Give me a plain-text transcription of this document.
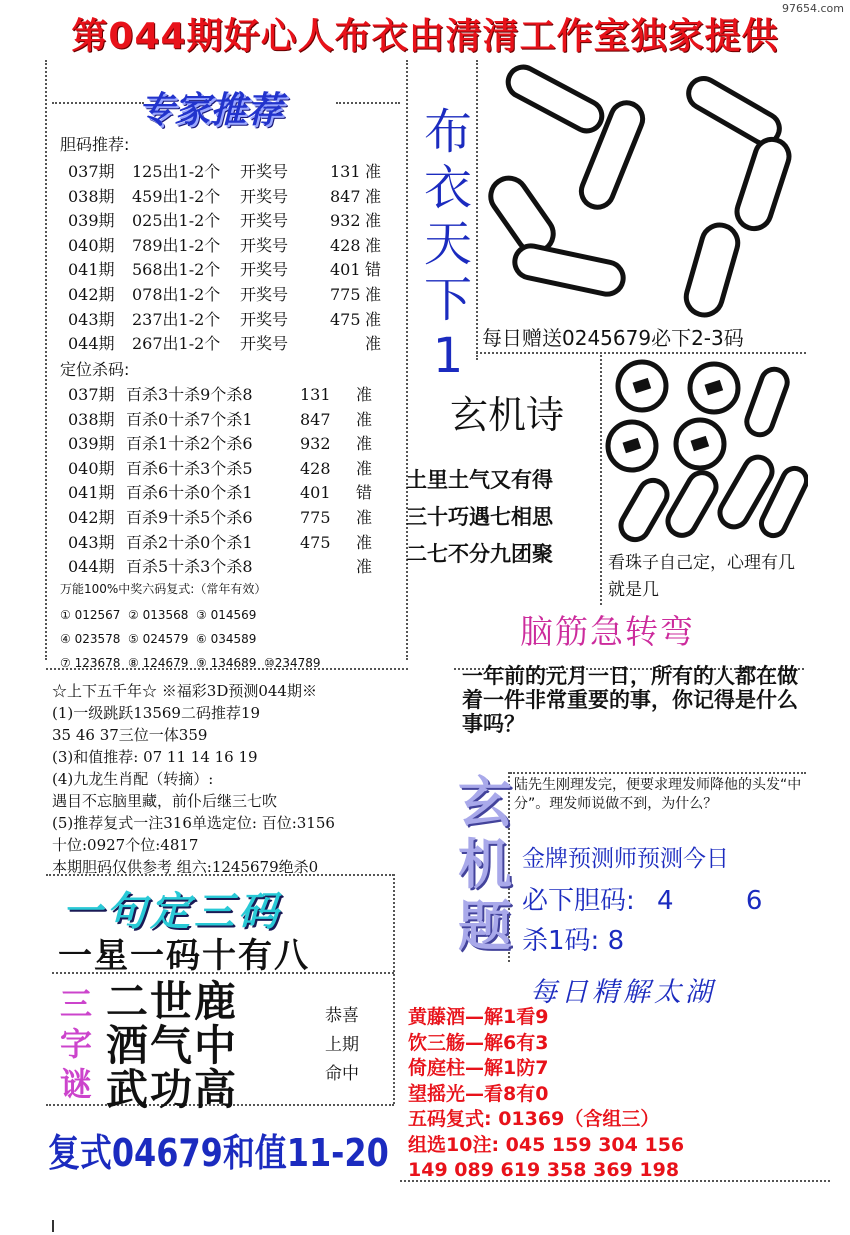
97654.com
第044期好心人布衣由清清工作室独家提供
专家推荐
胆码推荐:
037期 125出1-2个 开奖号	131 准
038期 459出1-2个 开奖号	847 准
039期 025出1-2个 开奖号	932 准
040期 789出1-2个 开奖号	428 准
041期 568出1-2个 开奖号	401 错
042期 078出1-2个 开奖号	775 准
043期 237出1-2个 开奖号	475 准
044期 267出1-2个 开奖号	准
定位杀码:
037期 百杀3十杀9个杀8	131 准
038期 百杀0十杀7个杀1	847 准
039期 百杀1十杀2个杀6	932 准
040期 百杀6十杀3个杀5	428 准
041期 百杀6十杀0个杀1	401 错
042期 百杀9十杀5个杀6	775 准
043期 百杀2十杀0个杀1	475 准
044期 百杀5十杀3个杀8	准
万能100%中奖六码复式:（常年有效）
① 012567 ② 013568 ③ 014569
④ 023578 ⑤ 024579 ⑥ 034589
⑦ 123678 ⑧ 124679 ⑨ 134689 ⑩234789
☆上下五千年☆ ※福彩3D预测044期※
(1)一级跳跃13569二码推荐19
35 46 37三位一体359
(3)和值推荐: 07 11 14 16 19
(4)九龙生肖配（转摘）:
遇目不忘脑里藏，前仆后继三七吹
(5)推荐复式一注316单选定位: 百位:3156
十位:0927个位:4817
本期胆码仅供参考 组六:1245679绝杀0
布
衣
天
下
1 每日赠送0245679必下2-3码
玄机诗
土里土气又有得
三十巧遇七相思
二七不分九团聚	看珠子自己定，心理有几就是几
脑筋急转弯
一年前的元月一日，所有的人都在做着一件非常重要的事，你记得是什么事吗？
玄
机
题
陆先生刚理发完，便要求理发师降他的头发“中分”。理发师说做不到，为什么？
金牌预测师预测今日
必下胆码: 4	6
杀1码: 8
每日精解太湖
黄藤酒—解1看9
饮三觞—解6有3
倚庭柱—解1防7
望摇光—看8有0
五码复式: 01369（含组三）
组选10注: 045 159 304 156
149 089 619 358 369 198
一句定三码
一星一码十有八
三
字
谜
二世鹿
酒气中
武功高
恭喜
上期
命中
复式04679和值11-20
